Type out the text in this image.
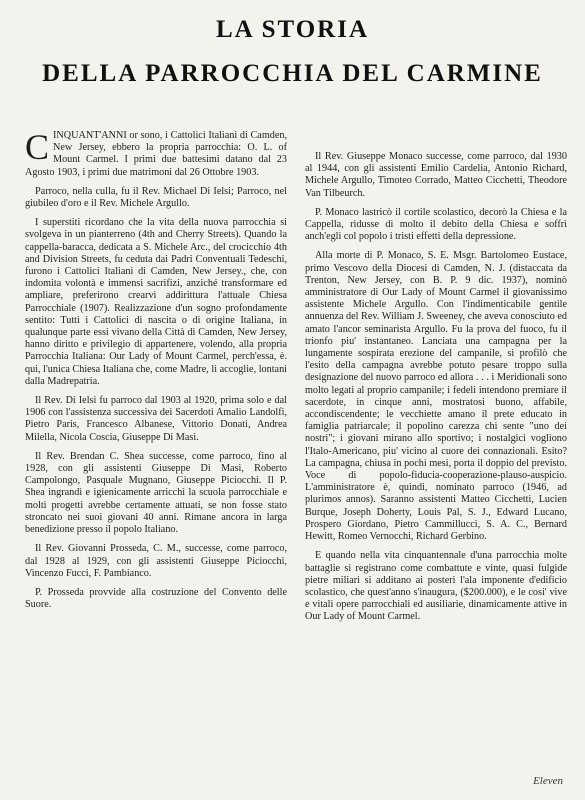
LA STORIA
DELLA PARROCCHIA DEL CARMINE

CINQUANT'ANNI or sono, i Cattolici Italiani di Camden, New Jersey, ebbero la propria parrocchia: O. L. of Mount Carmel. I primi due battesimi datano dal 23 Agosto 1903, i primi due matrimoni dal 26 Ottobre 1903.

Parroco, nella culla, fu il Rev. Michael Di Ielsi; Parroco, nel giubileo d'oro e il Rev. Michele Argullo.

I superstiti ricordano che la vita della nuova parrocchia si svolgeva in un pianterreno (4th and Cherry Streets). Quando la cappella-baracca, dedicata a S. Michele Arc., del crocicchio 4th and Division Streets, fu ceduta dai Padri Conventuali Tedeschi, furono i Cattolici Italiani di Camden, New Jersey., che, con indomita volontà e immensi sacrifizi, anziché transformare ed ampliare, preferirono crearvi addirittura l'attuale Chiesa Parrocchiale (1907). Realizzazione d'un sogno profondamente sentito: Tutti i Cattolici di nascita o di origine Italiana, in qualunque parte essi vivano della Città di Camden, New Jersey, hanno diritto e privilegio di appartenere, volendo, alla propria Parrocchia Italiana: Our Lady of Mount Carmel, perch'essa, è. qui, l'unica Chiesa Italiana che, come Madre, li accoglie, lontani dalla Madrepatria.

Il Rev. Di Ielsi fu parroco dal 1903 al 1920, prima solo e dal 1906 con l'assistenza successiva dei Sacerdoti Amalio Landolfi, Pietro Paris, Francesco Albanese, Vittorio Donati, Andrea Milella, Nicola Coscia, Giuseppe Di Masi.

Il Rev. Brendan C. Shea successe, come parroco, fino al 1928, con gli assistenti Giuseppe Di Masi, Roberto Campolongo, Pasquale Mugnano, Giuseppe Piciocchi. Il P. Shea ingrandì e igienicamente arricchì la scuola parrocchiale e molti progetti avrebbe certamente attuati, se non fosse stato stroncato nei suoi giovani 40 anni. Rimane ancora in larga benedizione presso il popolo Italiano.

Il Rev. Giovanni Prosseda, C. M., successe, come parroco, dal 1928 al 1929, con gli assistenti Giuseppe Piciocchi, Vincenzo Fucci, F. Pambianco.

P. Prosseda provvide alla costruzione del Convento delle Suore.

Il Rev. Giuseppe Monaco successe, come parroco, dal 1930 al 1944, con gli assistenti Emilio Cardelia, Antonio Richard, Michele Argullo, Timoteo Corrado, Matteo Cicchetti, Theodore Van Tilbeurch.

P. Monaco lastricò il cortile scolastico, decorò la Chiesa e la Cappella, ridusse di molto il debito della Chiesa e soffrì anch'egli col popolo i tristi effetti della depressione.

Alla morte di P. Monaco, S. E. Msgr. Bartolomeo Eustace, primo Vescovo della Diocesi di Camden, N. J. (distaccata da Trenton, New Jersey, con B. P. 9 dic. 1937), nominò amministratore di Our Lady of Mount Carmel il giovanissimo assistente Michele Argullo. Con l'indimenticabile gentile annuenza del Rev. William J. Sweeney, che aveva conosciuto ed amato l'ancor seminarista Argullo. Fu la prova del fuoco, fu il trionfo piu' instantaneo. Lanciata una campagna per la lungamente sospirata erezione del campanile, si profilò che l'esito della campagna avrebbe potuto pesare troppo sulla designazione del nuovo parroco ed allora . . . i Meridionali sono molto legati al proprio campanile; i fedeli intendono premiare il sacerdote, in cinque anni, mostratosi buono, affabile, accondiscendente; le vecchiette amano il prete educato in famiglia patriarcale; il popolino carezza chi sente "uno dei nostri"; i giovani mirano allo sportivo; i nostalgici vogliono l'Italo-Americano, piu' vicino al cuore dei connazionali. Esito? La campagna, chiusa in pochi mesi, porta il doppio del previsto. Voce di popolo-fiducia-cooperazione-plauso-auspicio. L'amministratore è, quindi, nominato parroco (1946, ad plurimos annos). Saranno assistenti Matteo Cicchetti, Lucien Burque, Joseph Doherty, Louis Pal, S. J., Edward Lucano, Prospero Giordano, Pietro Cammillucci, S. A. C., Bernard Hewitt, Romeo Vernocchi, Richard Gerbino.

E quando nella vita cinquantennale d'una parrocchia molte battaglie si registrano come combattute e vinte, quasi fulgide pietre miliari si additano ai posteri l'ala imponente d'edificio scolastico, che quest'anno s'inaugura, ($200.000), e le cosi' vive e vitali opere parrocchiali ed ausiliarie, dinamicamente attive in Our Lady of Mount Carmel.

Eleven
